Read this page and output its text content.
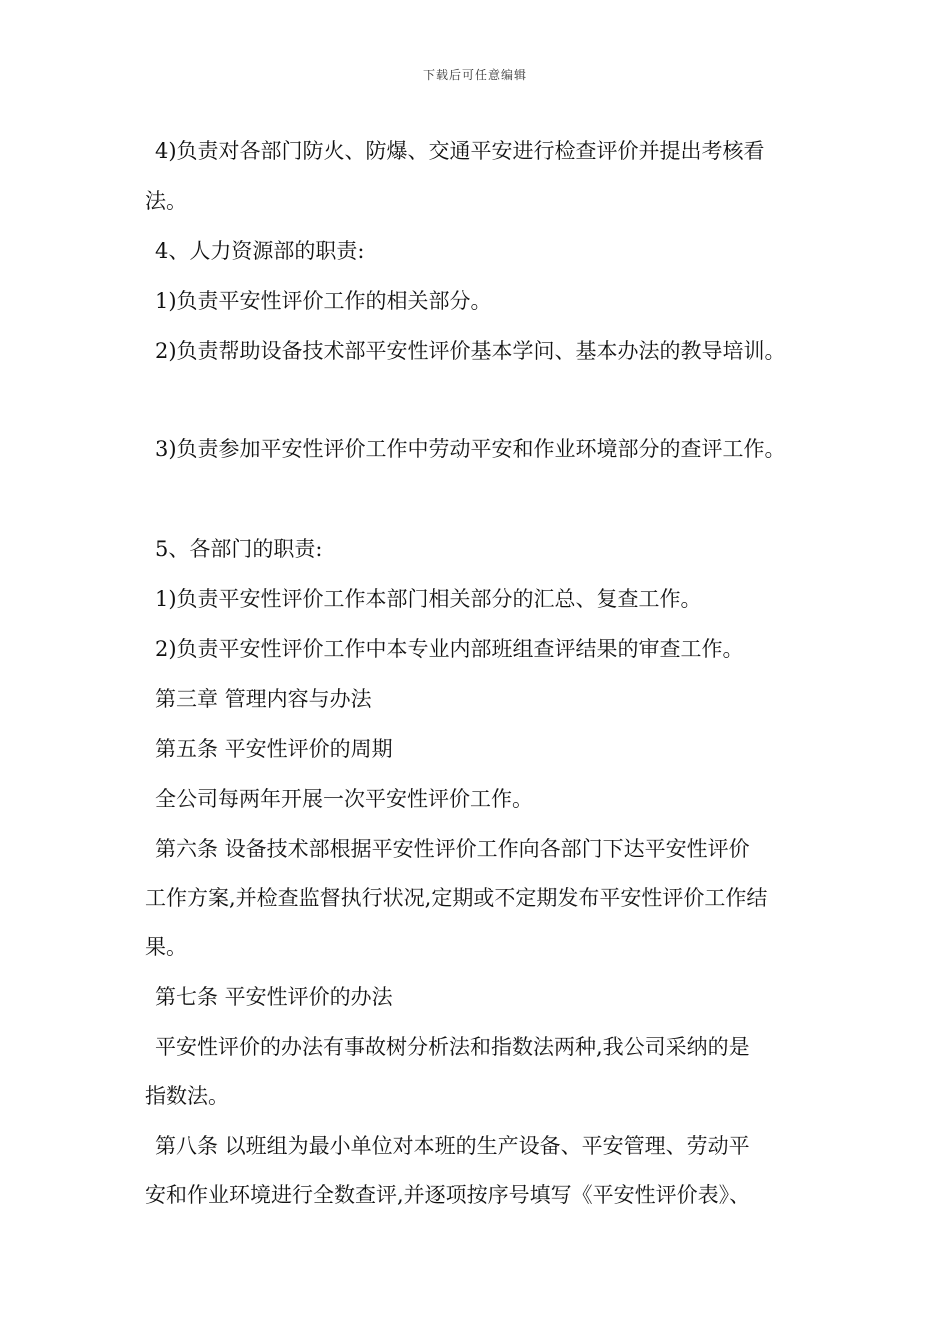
下载后可任意编辑
4)负责对各部门防火、防爆、交通平安进行检查评价并提出考核看
法。
4、人力资源部的职责:
1)负责平安性评价工作的相关部分。
2)负责帮助设备技术部平安性评价基本学问、基本办法的教导培训。
3)负责参加平安性评价工作中劳动平安和作业环境部分的查评工作。
5、各部门的职责:
1)负责平安性评价工作本部门相关部分的汇总、复查工作。
2)负责平安性评价工作中本专业内部班组查评结果的审查工作。
第三章 管理内容与办法
第五条 平安性评价的周期
全公司每两年开展一次平安性评价工作。
第六条 设备技术部根据平安性评价工作向各部门下达平安性评价
工作方案,并检查监督执行状况,定期或不定期发布平安性评价工作结
果。
第七条 平安性评价的办法
平安性评价的办法有事故树分析法和指数法两种,我公司采纳的是
指数法。
第八条 以班组为最小单位对本班的生产设备、平安管理、劳动平
安和作业环境进行全数查评,并逐项按序号填写《平安性评价表》、
